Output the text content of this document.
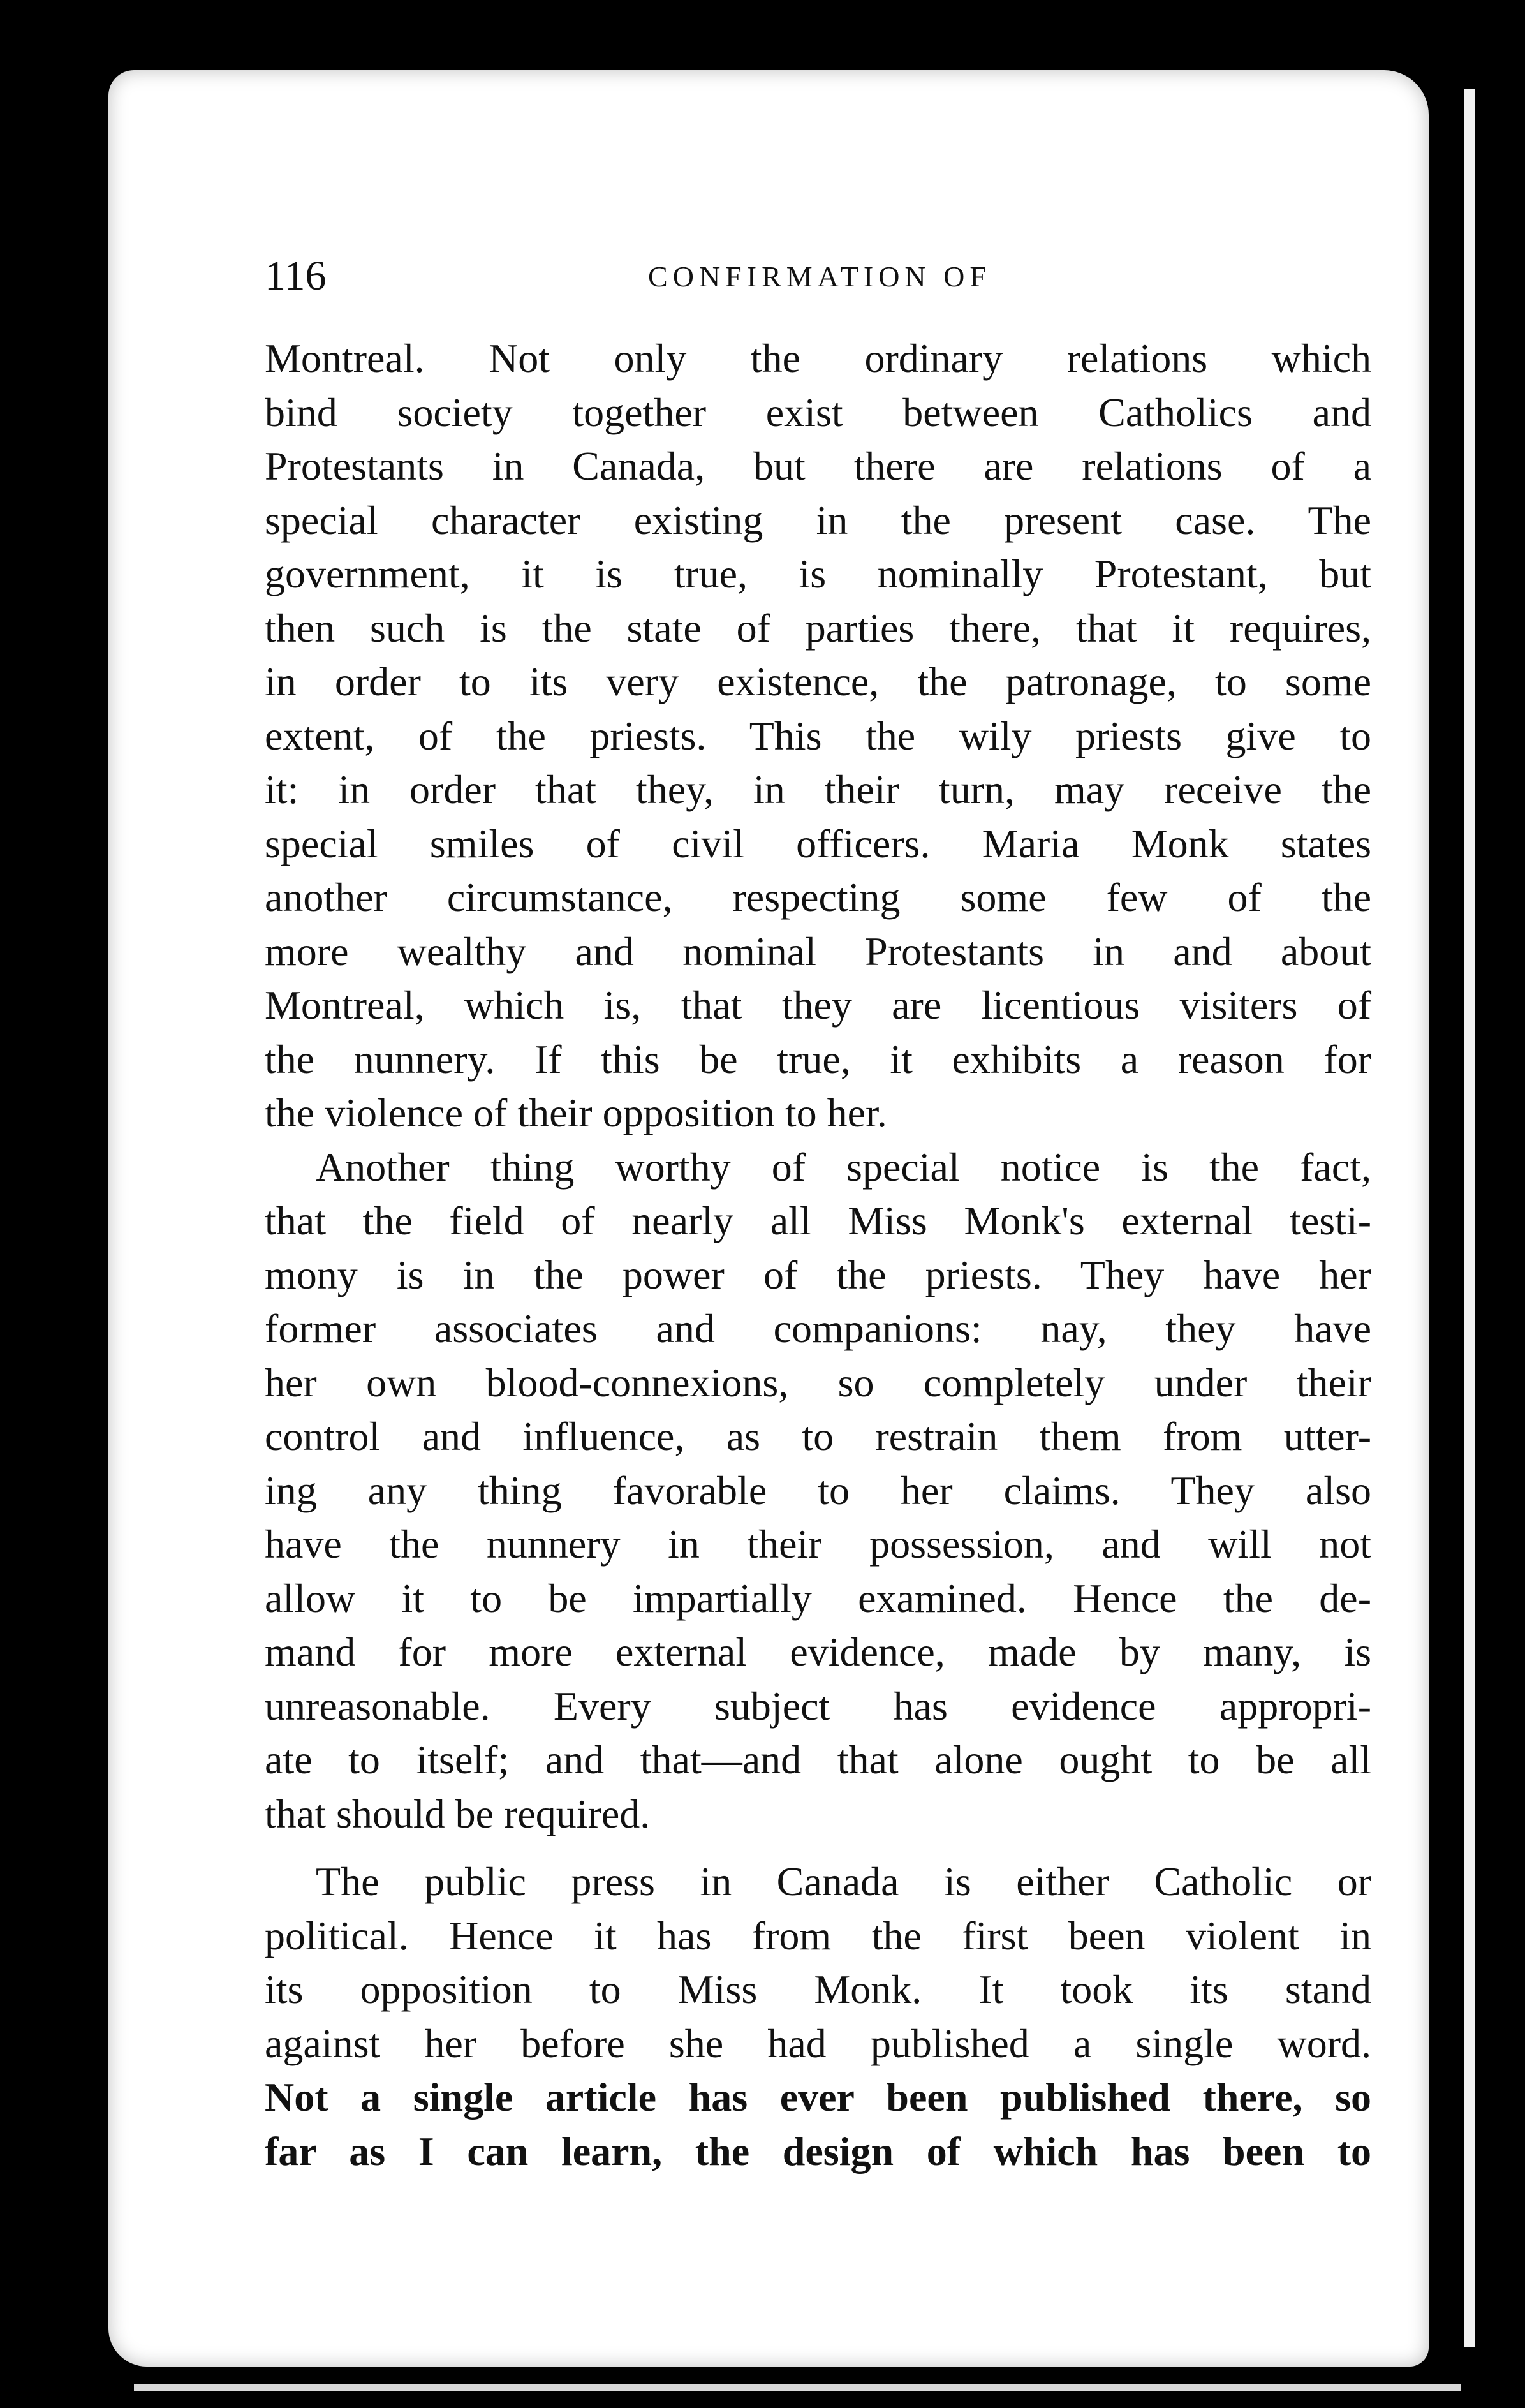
116	CONFIRMATION OF
Montreal. Not only the ordinary relations which
bind society together exist between Catholics and
Protestants in Canada, but there are relations of a
special character existing in the present case. The
government, it is true, is nominally Protestant, but
then such is the state of parties there, that it requires,
in order to its very existence, the patronage, to some
extent, of the priests. This the wily priests give to
it: in order that they, in their turn, may receive the
special smiles of civil officers. Maria Monk states
another circumstance, respecting some few of the
more wealthy and nominal Protestants in and about
Montreal, which is, that they are licentious visiters of
the nunnery. If this be true, it exhibits a reason for
the violence of their opposition to her.
Another thing worthy of special notice is the fact,
that the field of nearly all Miss Monk's external testi-
mony is in the power of the priests. They have her
former associates and companions: nay, they have
her own blood-connexions, so completely under their
control and influence, as to restrain them from utter-
ing any thing favorable to her claims. They also
have the nunnery in their possession, and will not
allow it to be impartially examined. Hence the de-
mand for more external evidence, made by many, is
unreasonable. Every subject has evidence appropri-
ate to itself; and that—and that alone ought to be all
that should be required.
The public press in Canada is either Catholic or
political. Hence it has from the first been violent in
its opposition to Miss Monk. It took its stand
against her before she had published a single word.
Not a single article has ever been published there, so
far as I can learn, the design of which has been to
